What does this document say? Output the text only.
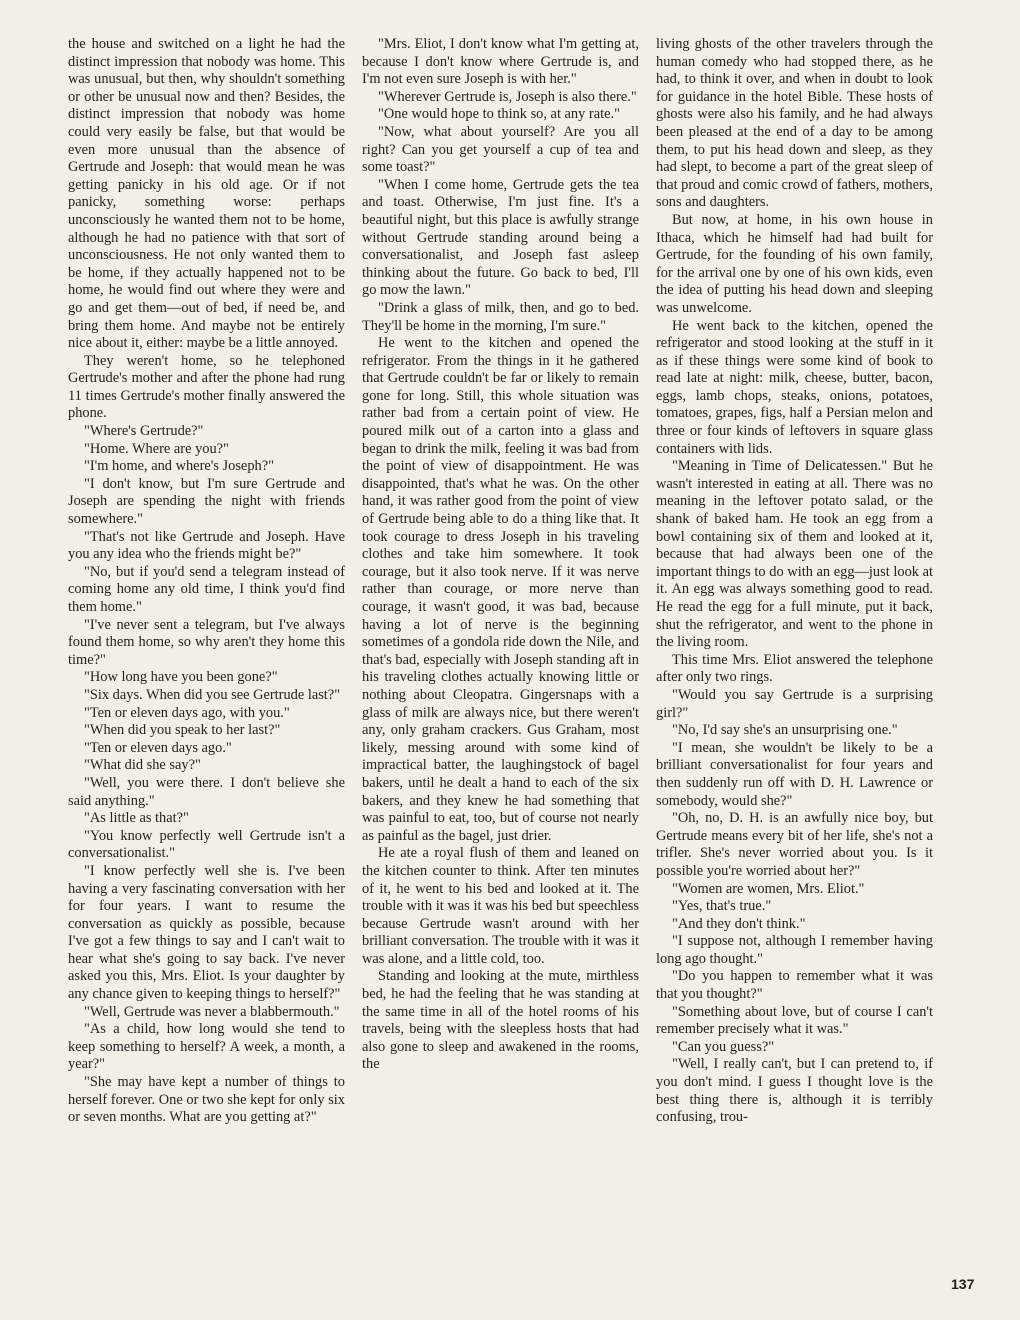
the house and switched on a light he had the distinct impression that nobody was home. This was unusual, but then, why shouldn't something or other be unusual now and then? Besides, the distinct impression that nobody was home could very easily be false, but that would be even more unusual than the absence of Gertrude and Joseph: that would mean he was getting panicky in his old age. Or if not panicky, something worse: perhaps unconsciously he wanted them not to be home, although he had no patience with that sort of unconsciousness. He not only wanted them to be home, if they actually happened not to be home, he would find out where they were and go and get them—out of bed, if need be, and bring them home. And maybe not be entirely nice about it, either: maybe be a little annoyed.

They weren't home, so he telephoned Gertrude's mother and after the phone had rung 11 times Gertrude's mother finally answered the phone.

"Where's Gertrude?"

"Home. Where are you?"

"I'm home, and where's Joseph?"

"I don't know, but I'm sure Gertrude and Joseph are spending the night with friends somewhere."

"That's not like Gertrude and Joseph. Have you any idea who the friends might be?"

"No, but if you'd send a telegram instead of coming home any old time, I think you'd find them home."

"I've never sent a telegram, but I've always found them home, so why aren't they home this time?"

"How long have you been gone?"

"Six days. When did you see Gertrude last?"

"Ten or eleven days ago, with you."

"When did you speak to her last?"

"Ten or eleven days ago."

"What did she say?"

"Well, you were there. I don't believe she said anything."

"As little as that?"

"You know perfectly well Gertrude isn't a conversationalist."

"I know perfectly well she is. I've been having a very fascinating conversation with her for four years. I want to resume the conversation as quickly as possible, because I've got a few things to say and I can't wait to hear what she's going to say back. I've never asked you this, Mrs. Eliot. Is your daughter by any chance given to keeping things to herself?"

"Well, Gertrude was never a blabbermouth."

"As a child, how long would she tend to keep something to herself? A week, a month, a year?"

"She may have kept a number of things to herself forever. One or two she kept for only six or seven months. What are you getting at?"

"Mrs. Eliot, I don't know what I'm getting at, because I don't know where Gertrude is, and I'm not even sure Joseph is with her."

"Wherever Gertrude is, Joseph is also there."

"One would hope to think so, at any rate."

"Now, what about yourself? Are you all right? Can you get yourself a cup of tea and some toast?"

"When I come home, Gertrude gets the tea and toast. Otherwise, I'm just fine. It's a beautiful night, but this place is awfully strange without Gertrude standing around being a conversationalist, and Joseph fast asleep thinking about the future. Go back to bed, I'll go mow the lawn."

"Drink a glass of milk, then, and go to bed. They'll be home in the morning, I'm sure."

He went to the kitchen and opened the refrigerator. From the things in it he gathered that Gertrude couldn't be far or likely to remain gone for long. Still, this whole situation was rather bad from a certain point of view. He poured milk out of a carton into a glass and began to drink the milk, feeling it was bad from the point of view of disappointment. He was disappointed, that's what he was. On the other hand, it was rather good from the point of view of Gertrude being able to do a thing like that. It took courage to dress Joseph in his traveling clothes and take him somewhere. It took courage, but it also took nerve. If it was nerve rather than courage, or more nerve than courage, it wasn't good, it was bad, because having a lot of nerve is the beginning sometimes of a gondola ride down the Nile, and that's bad, especially with Joseph standing aft in his traveling clothes actually knowing little or nothing about Cleopatra. Gingersnaps with a glass of milk are always nice, but there weren't any, only graham crackers. Gus Graham, most likely, messing around with some kind of impractical batter, the laughingstock of bagel bakers, until he dealt a hand to each of the six bakers, and they knew he had something that was painful to eat, too, but of course not nearly as painful as the bagel, just drier.

He ate a royal flush of them and leaned on the kitchen counter to think. After ten minutes of it, he went to his bed and looked at it. The trouble with it was it was his bed but speechless because Gertrude wasn't around with her brilliant conversation. The trouble with it was it was alone, and a little cold, too.

Standing and looking at the mute, mirthless bed, he had the feeling that he was standing at the same time in all of the hotel rooms of his travels, being with the sleepless hosts that had also gone to sleep and awakened in the rooms, the

living ghosts of the other travelers through the human comedy who had stopped there, as he had, to think it over, and when in doubt to look for guidance in the hotel Bible. These hosts of ghosts were also his family, and he had always been pleased at the end of a day to be among them, to put his head down and sleep, as they had slept, to become a part of the great sleep of that proud and comic crowd of fathers, mothers, sons and daughters.

But now, at home, in his own house in Ithaca, which he himself had had built for Gertrude, for the founding of his own family, for the arrival one by one of his own kids, even the idea of putting his head down and sleeping was unwelcome.

He went back to the kitchen, opened the refrigerator and stood looking at the stuff in it as if these things were some kind of book to read late at night: milk, cheese, butter, bacon, eggs, lamb chops, steaks, onions, potatoes, tomatoes, grapes, figs, half a Persian melon and three or four kinds of leftovers in square glass containers with lids.

"Meaning in Time of Delicatessen." But he wasn't interested in eating at all. There was no meaning in the leftover potato salad, or the shank of baked ham. He took an egg from a bowl containing six of them and looked at it, because that had always been one of the important things to do with an egg—just look at it. An egg was always something good to read. He read the egg for a full minute, put it back, shut the refrigerator, and went to the phone in the living room.

This time Mrs. Eliot answered the telephone after only two rings.

"Would you say Gertrude is a surprising girl?"

"No, I'd say she's an unsurprising one."

"I mean, she wouldn't be likely to be a brilliant conversationalist for four years and then suddenly run off with D. H. Lawrence or somebody, would she?"

"Oh, no, D. H. is an awfully nice boy, but Gertrude means every bit of her life, she's not a trifler. She's never worried about you. Is it possible you're worried about her?"

"Women are women, Mrs. Eliot."

"Yes, that's true."

"And they don't think."

"I suppose not, although I remember having long ago thought."

"Do you happen to remember what it was that you thought?"

"Something about love, but of course I can't remember precisely what it was."

"Can you guess?"

"Well, I really can't, but I can pretend to, if you don't mind. I guess I thought love is the best thing there is, although it is terribly confusing, trou-

137
